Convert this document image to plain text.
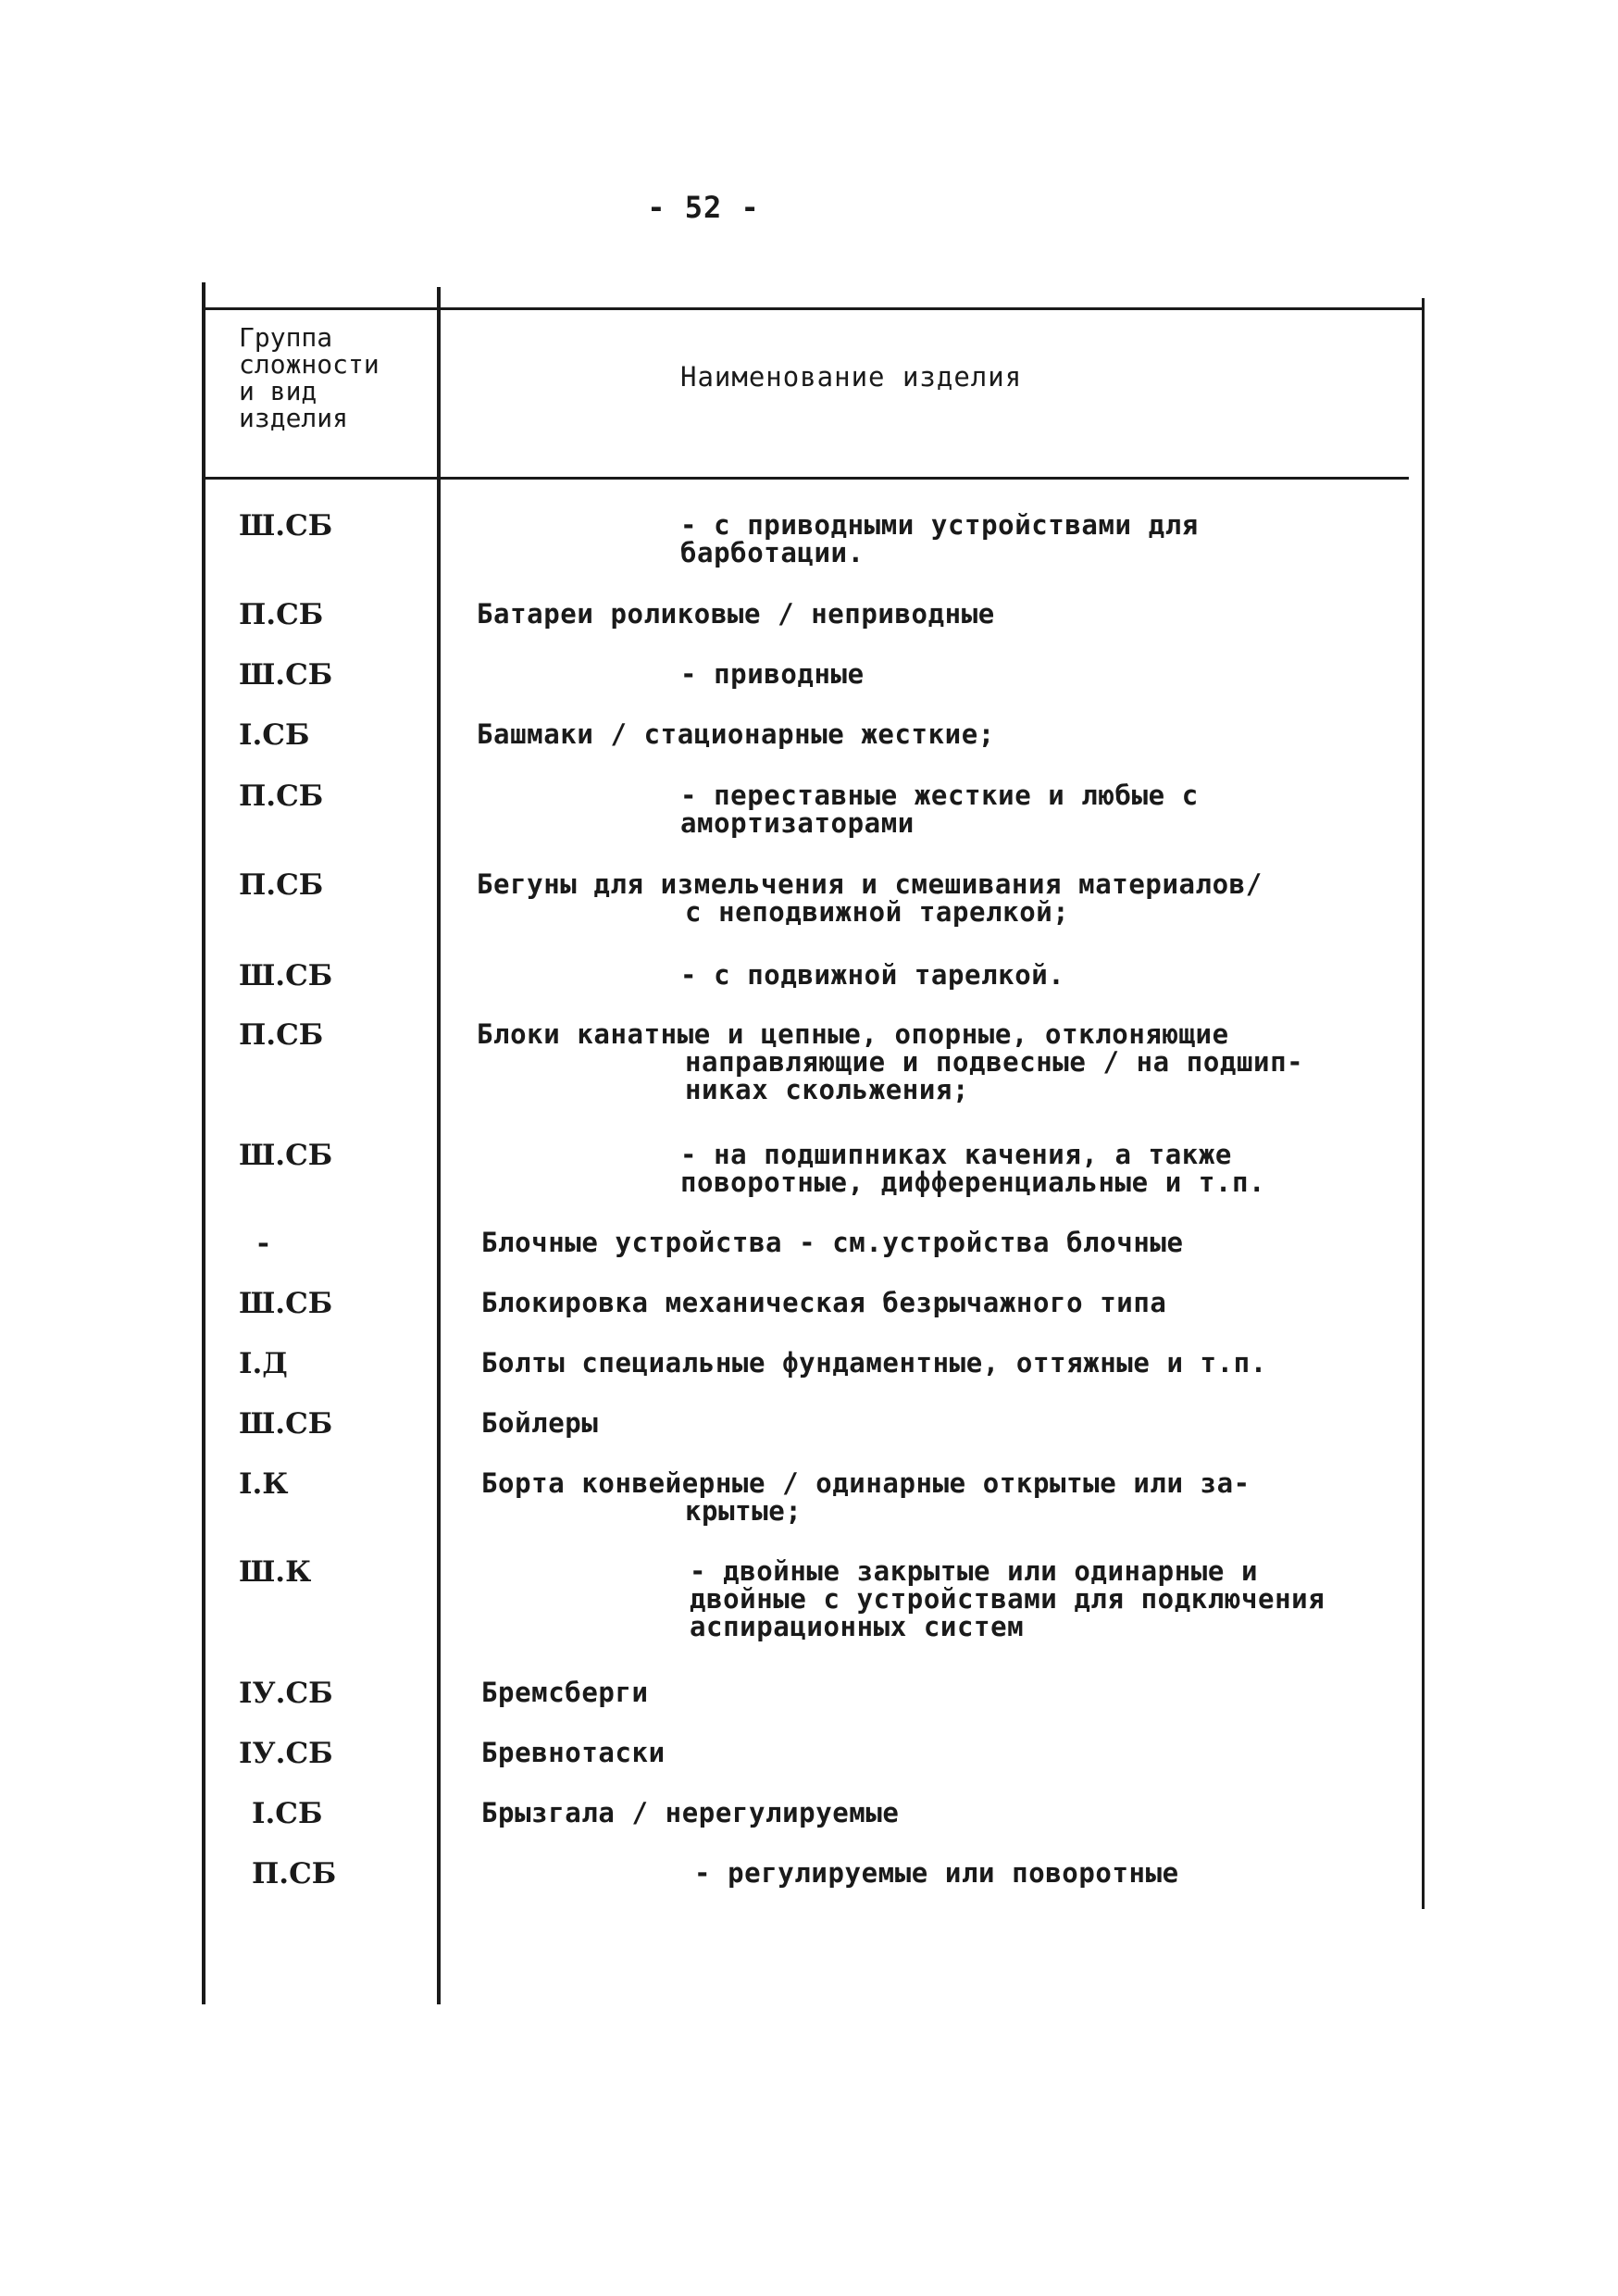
- 52 -
Группа
сложности
и вид
изделия
Наименование изделия
Ш.СБ	- с приводными устройствами для
барботации.
П.СБ	Батареи роликовые / неприводные
Ш.СБ	- приводные
I.СБ	Башмаки / стационарные жесткие;
П.СБ	- переставные жесткие и любые с
амортизаторами
П.СБ	Бегуны для измельчения и смешивания материалов/
с неподвижной тарелкой;
Ш.СБ	- с подвижной тарелкой.
П.СБ	Блоки канатные и цепные, опорные, отклоняющие
направляющие и подвесные / на подшип-
никах скольжения;
Ш.СБ	- на подшипниках качения, а также
поворотные, дифференциальные и т.п.
-	Блочные устройства - см.устройства блочные
Ш.СБ	Блокировка механическая безрычажного типа
I.Д	Болты специальные фундаментные, оттяжные и т.п.
Ш.СБ	Бойлеры
I.К	Борта конвейерные / одинарные открытые или за-
крытые;
Ш.К	- двойные закрытые или одинарные и
двойные с устройствами для подключения
аспирационных систем
IУ.СБ	Бремсберги
IУ.СБ	Бревнотаски
I.СБ	Брызгала / нерегулируемые
П.СБ	- регулируемые или поворотные
